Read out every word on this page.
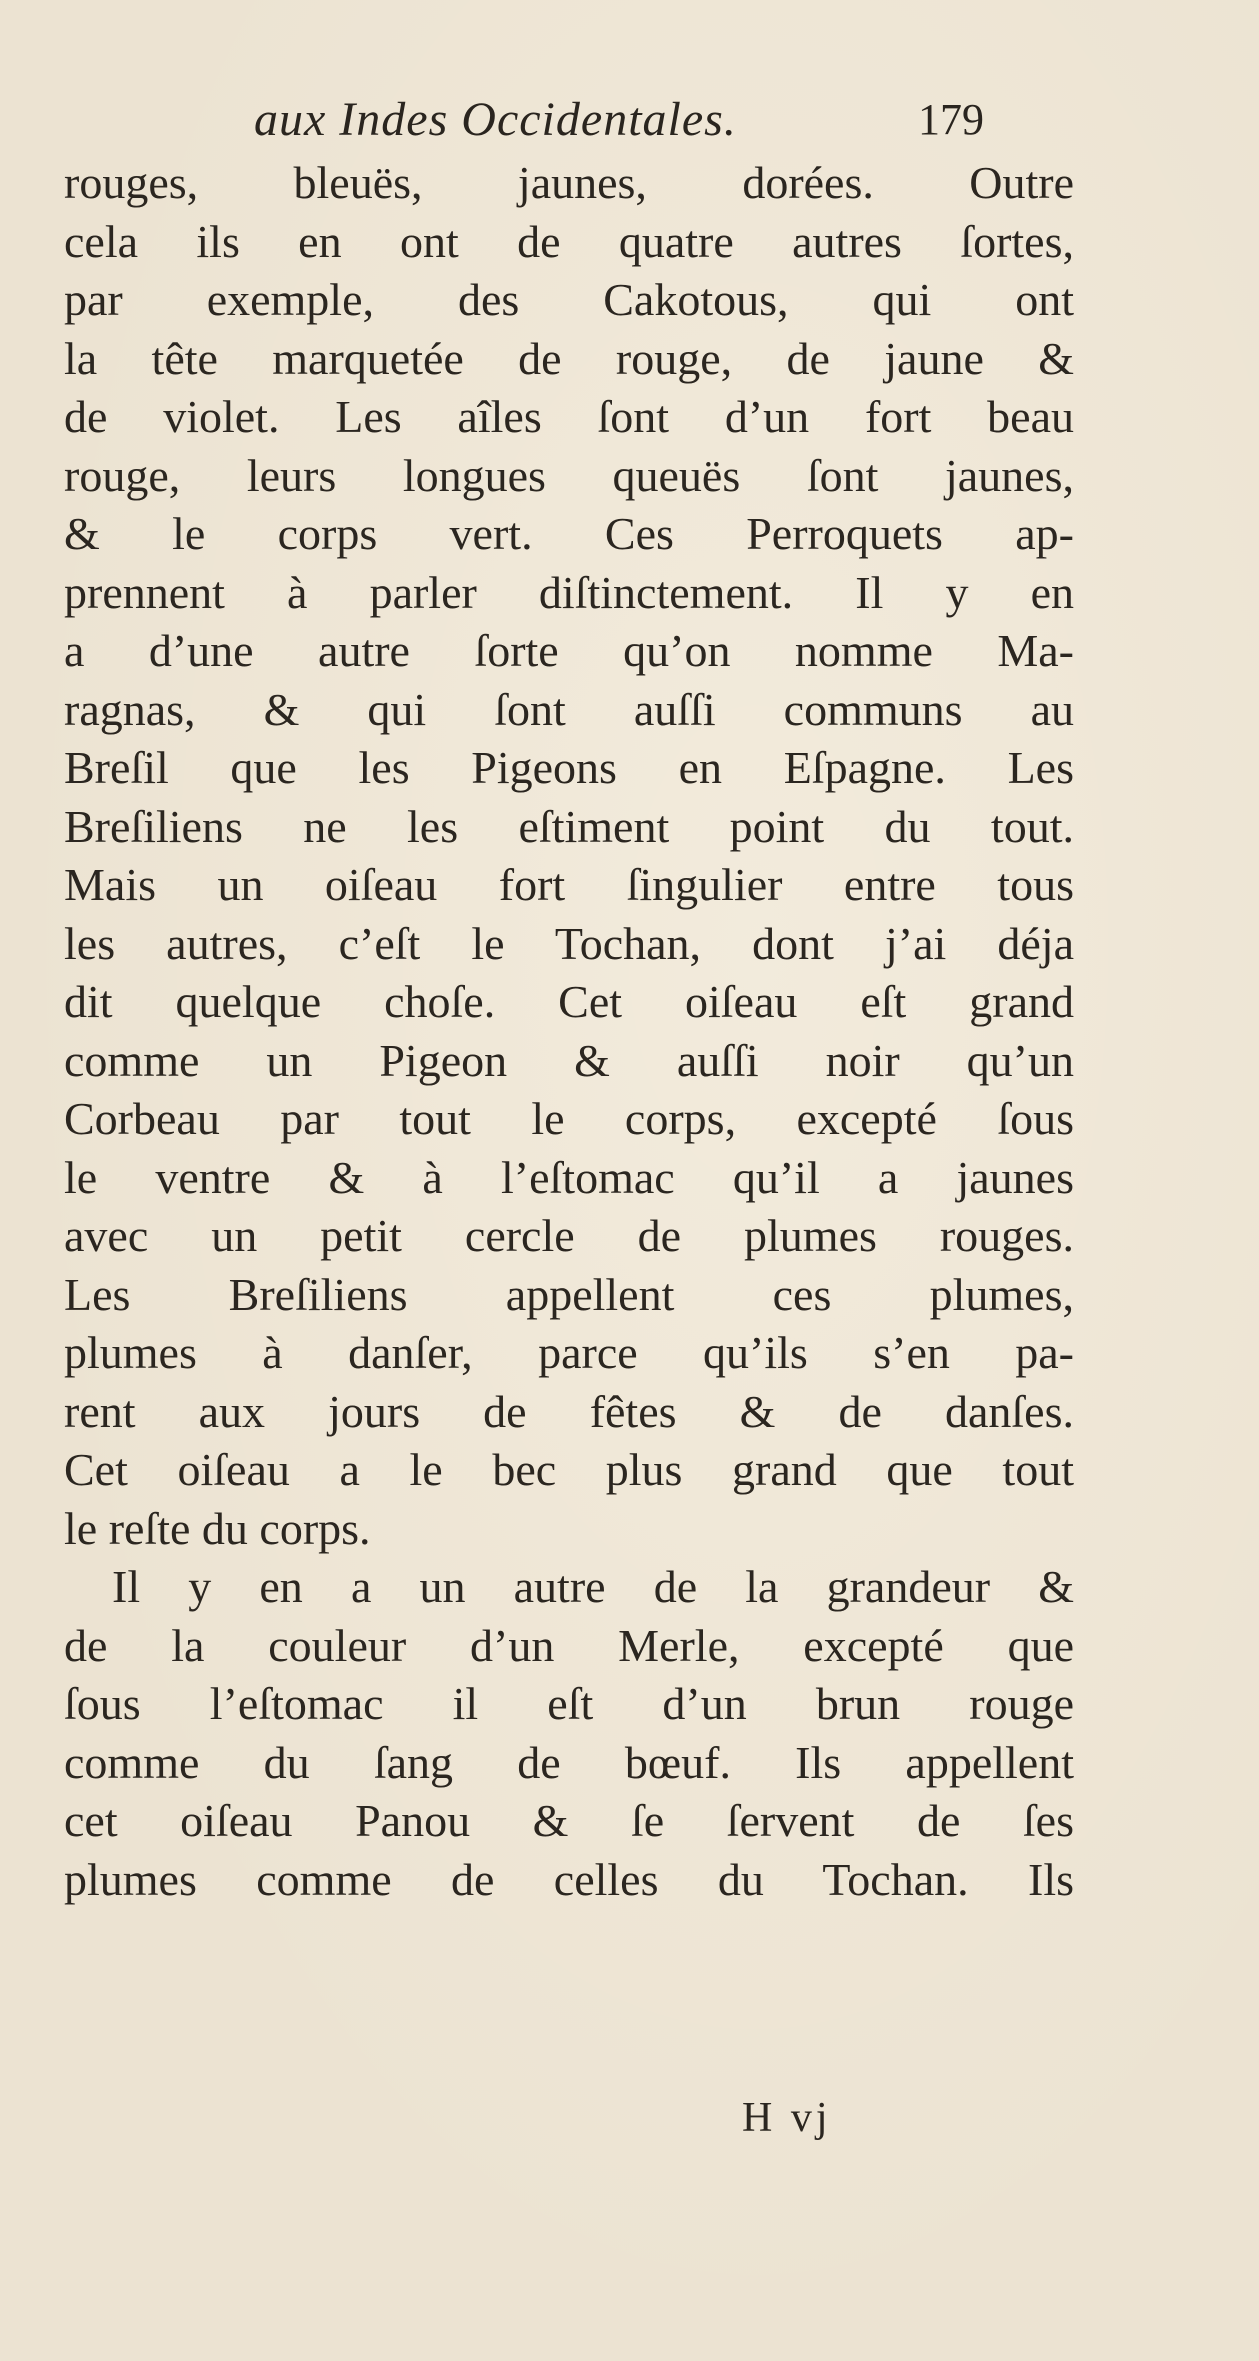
aux Indes Occidentales.	179
rouges, bleuës, jaunes, dorées. Outre
cela ils en ont de quatre autres ſortes,
par exemple, des Cakotous, qui ont
la tête marquetée de rouge, de jaune &
de violet. Les aîles ſont d’un fort beau
rouge, leurs longues queuës ſont jaunes,
& le corps vert. Ces Perroquets ap-
prennent à parler diſtinctement. Il y en
a d’une autre ſorte qu’on nomme Ma-
ragnas, & qui ſont auſſi communs au
Breſil que les Pigeons en Eſpagne. Les
Breſiliens ne les eſtiment point du tout.
Mais un oiſeau fort ſingulier entre tous
les autres, c’eſt le Tochan, dont j’ai déja
dit quelque choſe. Cet oiſeau eſt grand
comme un Pigeon & auſſi noir qu’un
Corbeau par tout le corps, excepté ſous
le ventre & à l’eſtomac qu’il a jaunes
avec un petit cercle de plumes rouges.
Les Breſiliens appellent ces plumes,
plumes à danſer, parce qu’ils s’en pa-
rent aux jours de fêtes & de danſes.
Cet oiſeau a le bec plus grand que tout
le reſte du corps.
Il y en a un autre de la grandeur &
de la couleur d’un Merle, excepté que
ſous l’eſtomac il eſt d’un brun rouge
comme du ſang de bœuf. Ils appellent
cet oiſeau Panou & ſe ſervent de ſes
plumes comme de celles du Tochan. Ils
H vj
